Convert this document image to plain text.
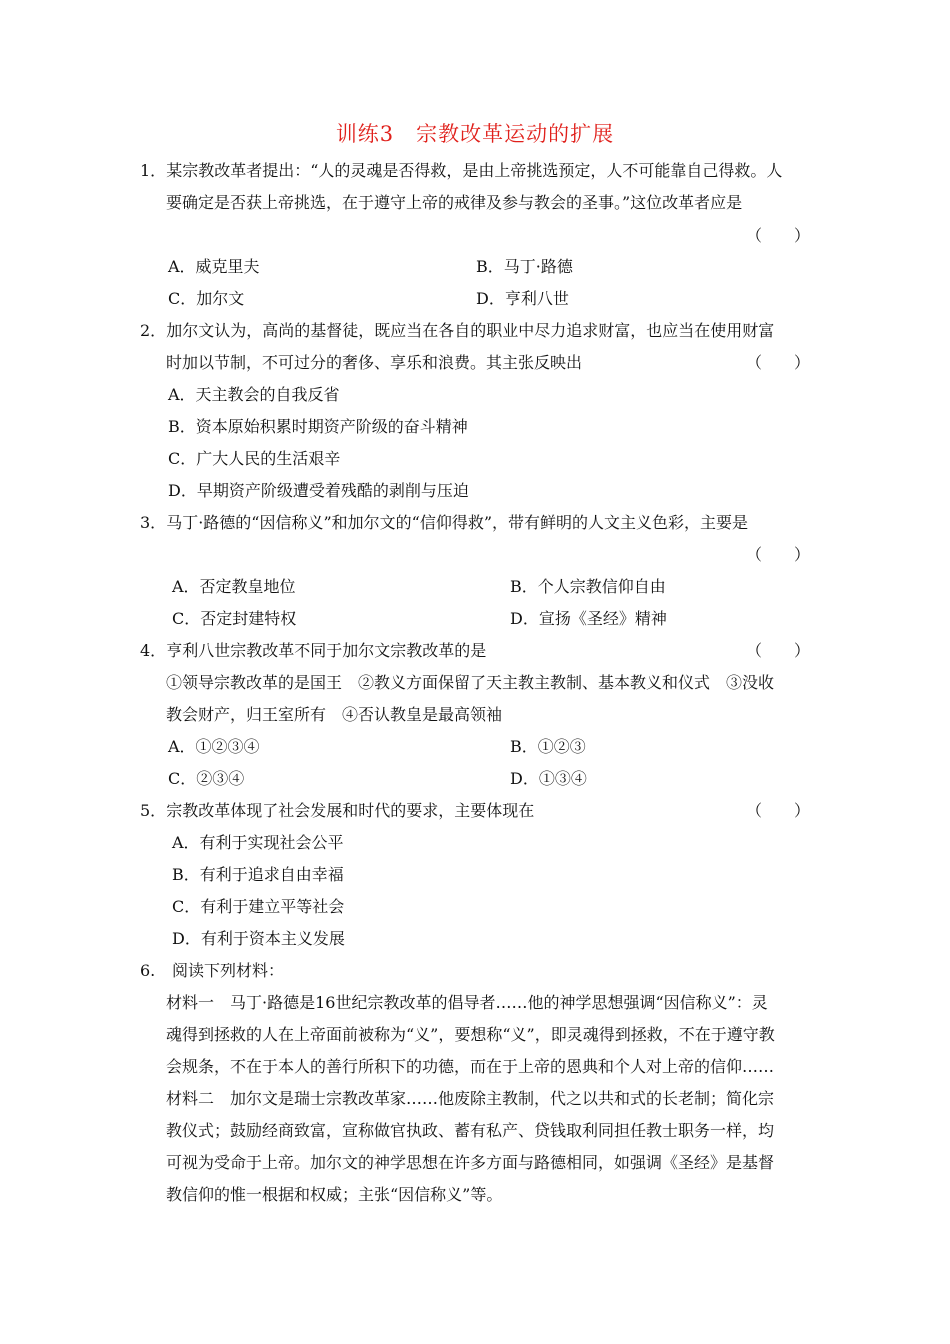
训练3　宗教改革运动的扩展
1．某宗教改革者提出：“人的灵魂是否得救，是由上帝挑选预定，人不可能靠自己得救。人
要确定是否获上帝挑选，在于遵守上帝的戒律及参与教会的圣事。”这位改革者应是
（　　）
A．威克里夫	B．马丁·路德
C．加尔文	D．亨利八世
2．加尔文认为，高尚的基督徒，既应当在各自的职业中尽力追求财富，也应当在使用财富
时加以节制，不可过分的奢侈、享乐和浪费。其主张反映出	（　　）
A．天主教会的自我反省
B．资本原始积累时期资产阶级的奋斗精神
C．广大人民的生活艰辛
D．早期资产阶级遭受着残酷的剥削与压迫
3．马丁·路德的“因信称义”和加尔文的“信仰得救”，带有鲜明的人文主义色彩，主要是
（　　）
A．否定教皇地位	B．个人宗教信仰自由
C．否定封建特权	D．宣扬《圣经》精神
4．亨利八世宗教改革不同于加尔文宗教改革的是	（　　）
①领导宗教改革的是国王　②教义方面保留了天主教主教制、基本教义和仪式　③没收
教会财产，归王室所有　④否认教皇是最高领袖
A．①②③④	B．①②③
C．②③④	D．①③④
5．宗教改革体现了社会发展和时代的要求，主要体现在	（　　）
A．有利于实现社会公平
B．有利于追求自由幸福
C．有利于建立平等社会
D．有利于资本主义发展
6. 阅读下列材料：
材料一　马丁·路德是16世纪宗教改革的倡导者……他的神学思想强调“因信称义”：灵
魂得到拯救的人在上帝面前被称为“义”，要想称“义”，即灵魂得到拯救，不在于遵守教
会规条，不在于本人的善行所积下的功德，而在于上帝的恩典和个人对上帝的信仰……
材料二　加尔文是瑞士宗教改革家……他废除主教制，代之以共和式的长老制；简化宗
教仪式；鼓励经商致富，宣称做官执政、蓄有私产、贷钱取利同担任教士职务一样，均
可视为受命于上帝。加尔文的神学思想在许多方面与路德相同，如强调《圣经》是基督
教信仰的惟一根据和权威；主张“因信称义”等。
